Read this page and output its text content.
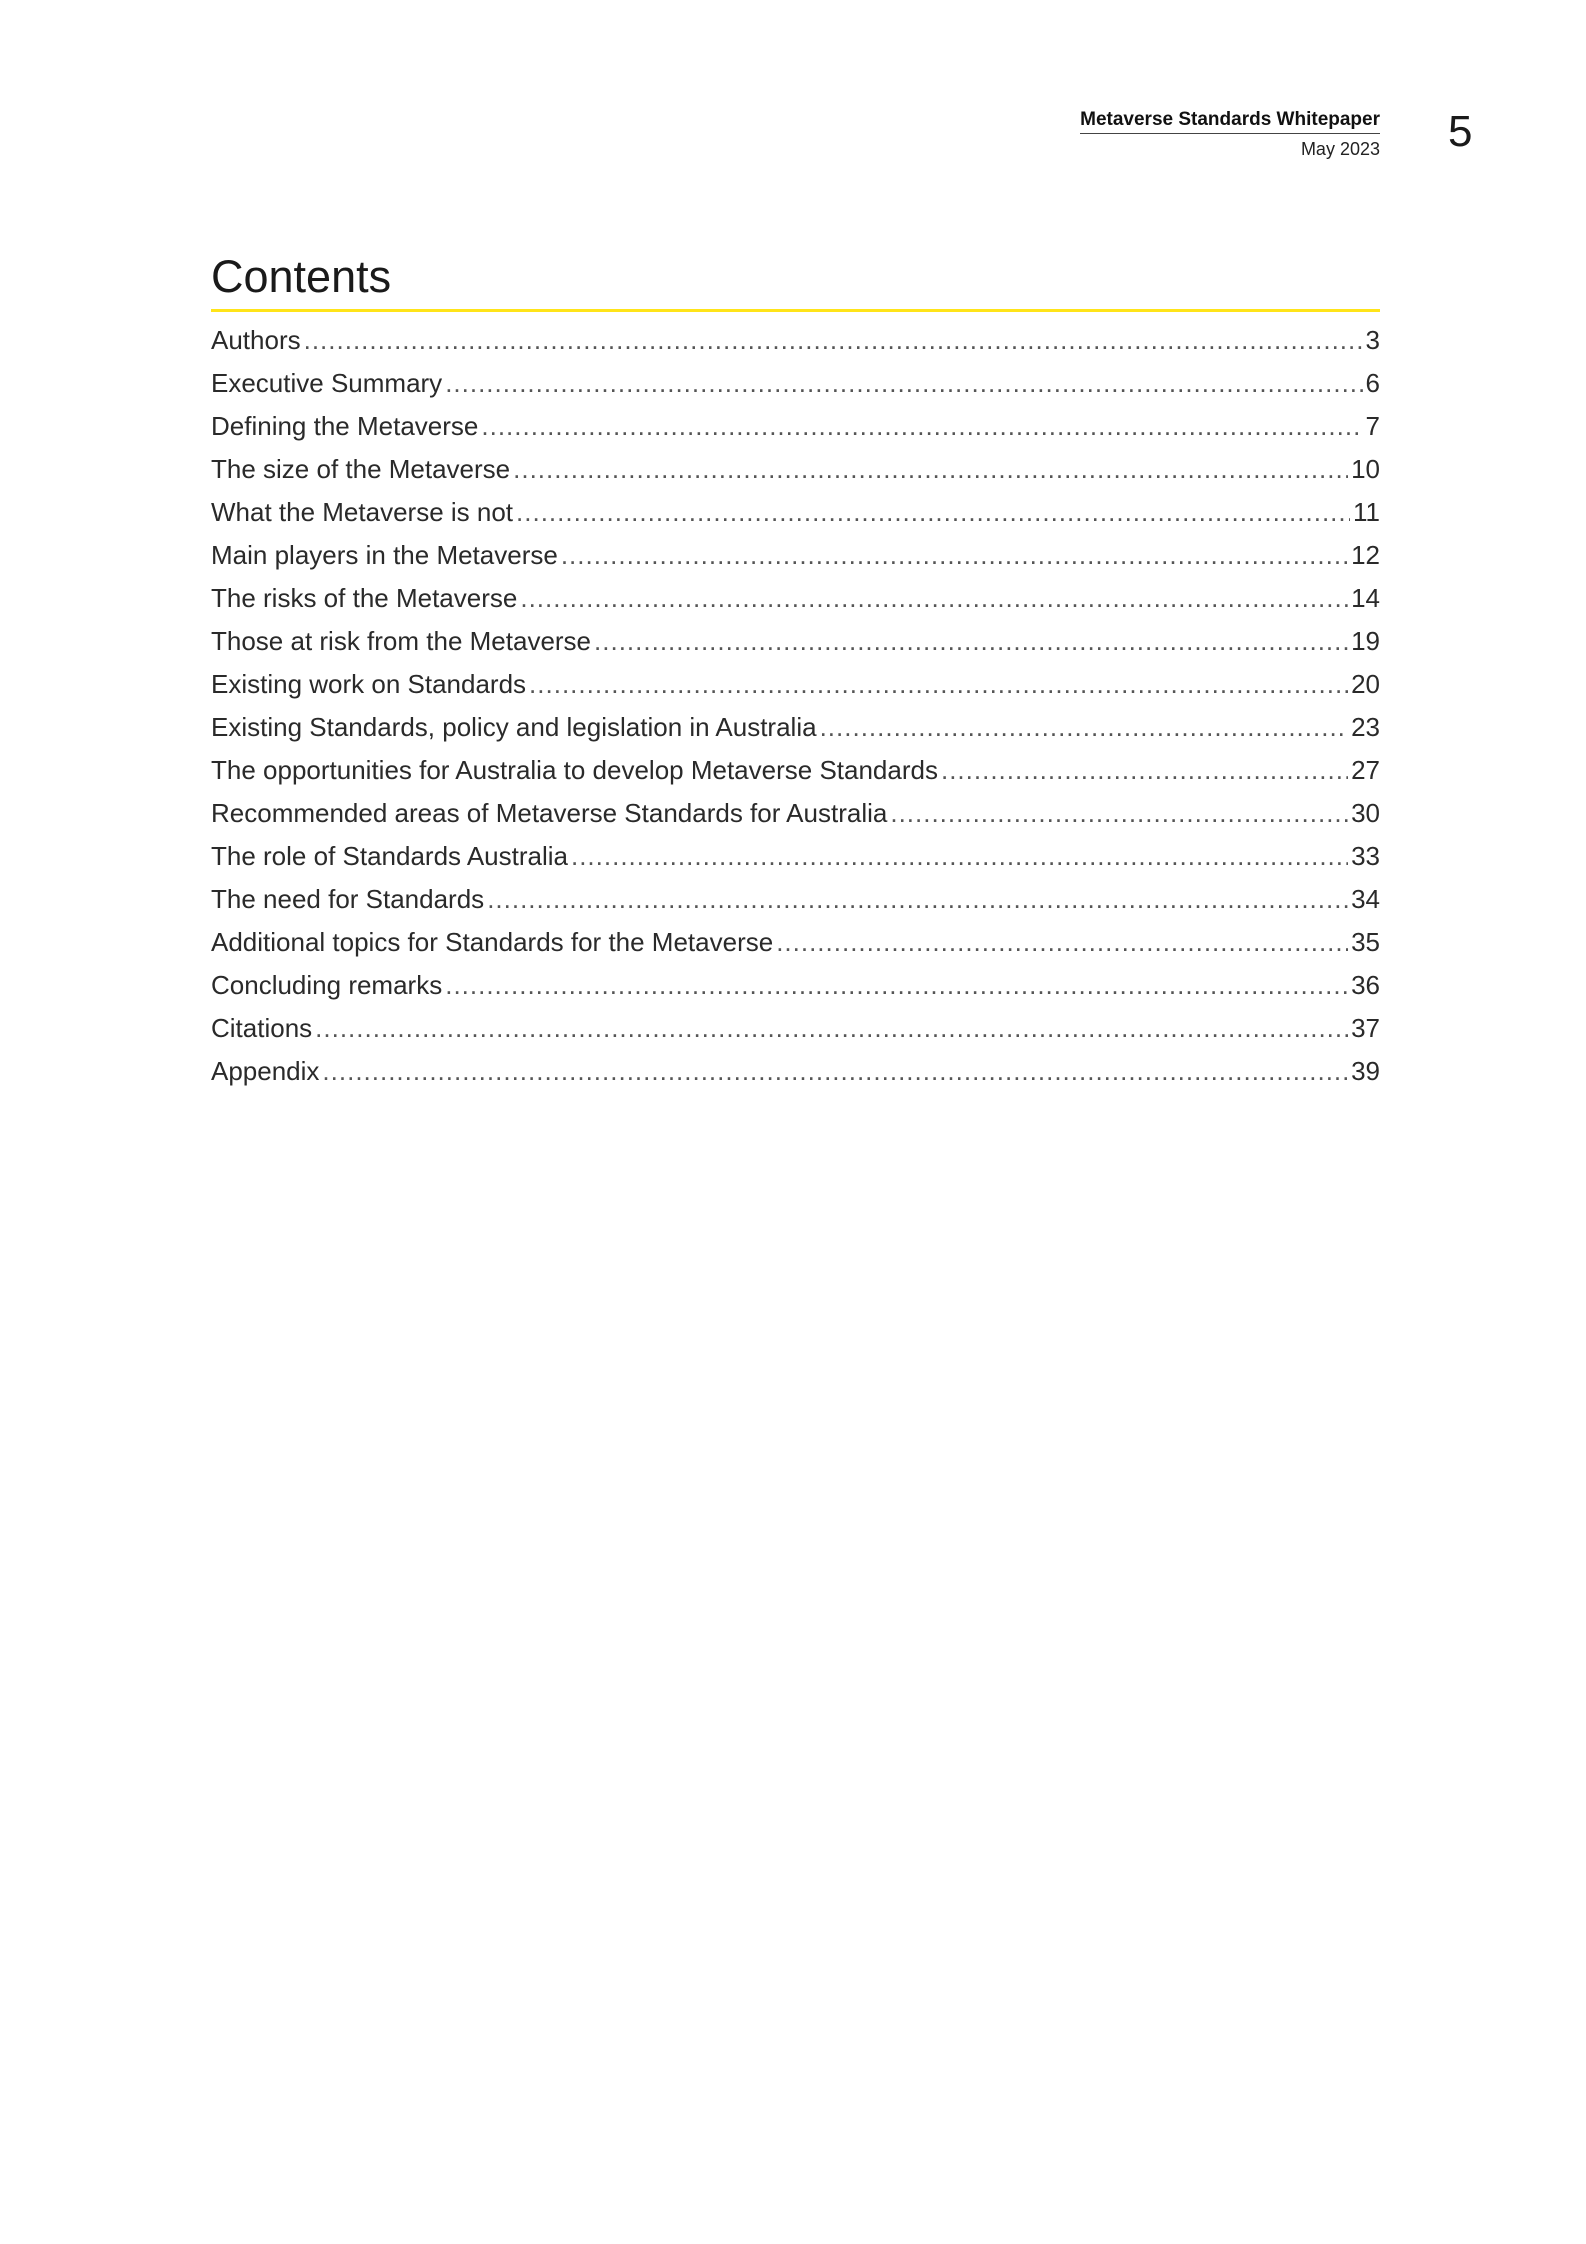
Metaverse Standards Whitepaper
May 2023 5
Contents
Authors .....	3
Executive Summary .....	6
Defining the Metaverse .....	7
The size of the Metaverse .....	10
What the Metaverse is not .....	11
Main players in the Metaverse .....	12
The risks of the Metaverse .....	14
Those at risk from the Metaverse .....	19
Existing work on Standards .....	20
Existing Standards, policy and legislation in Australia .....	23
The opportunities for Australia to develop Metaverse Standards .....	27
Recommended areas of Metaverse Standards for Australia .....	30
The role of Standards Australia .....	33
The need for Standards .....	34
Additional topics for Standards for the Metaverse .....	35
Concluding remarks .....	36
Citations .....	37
Appendix .....	39
